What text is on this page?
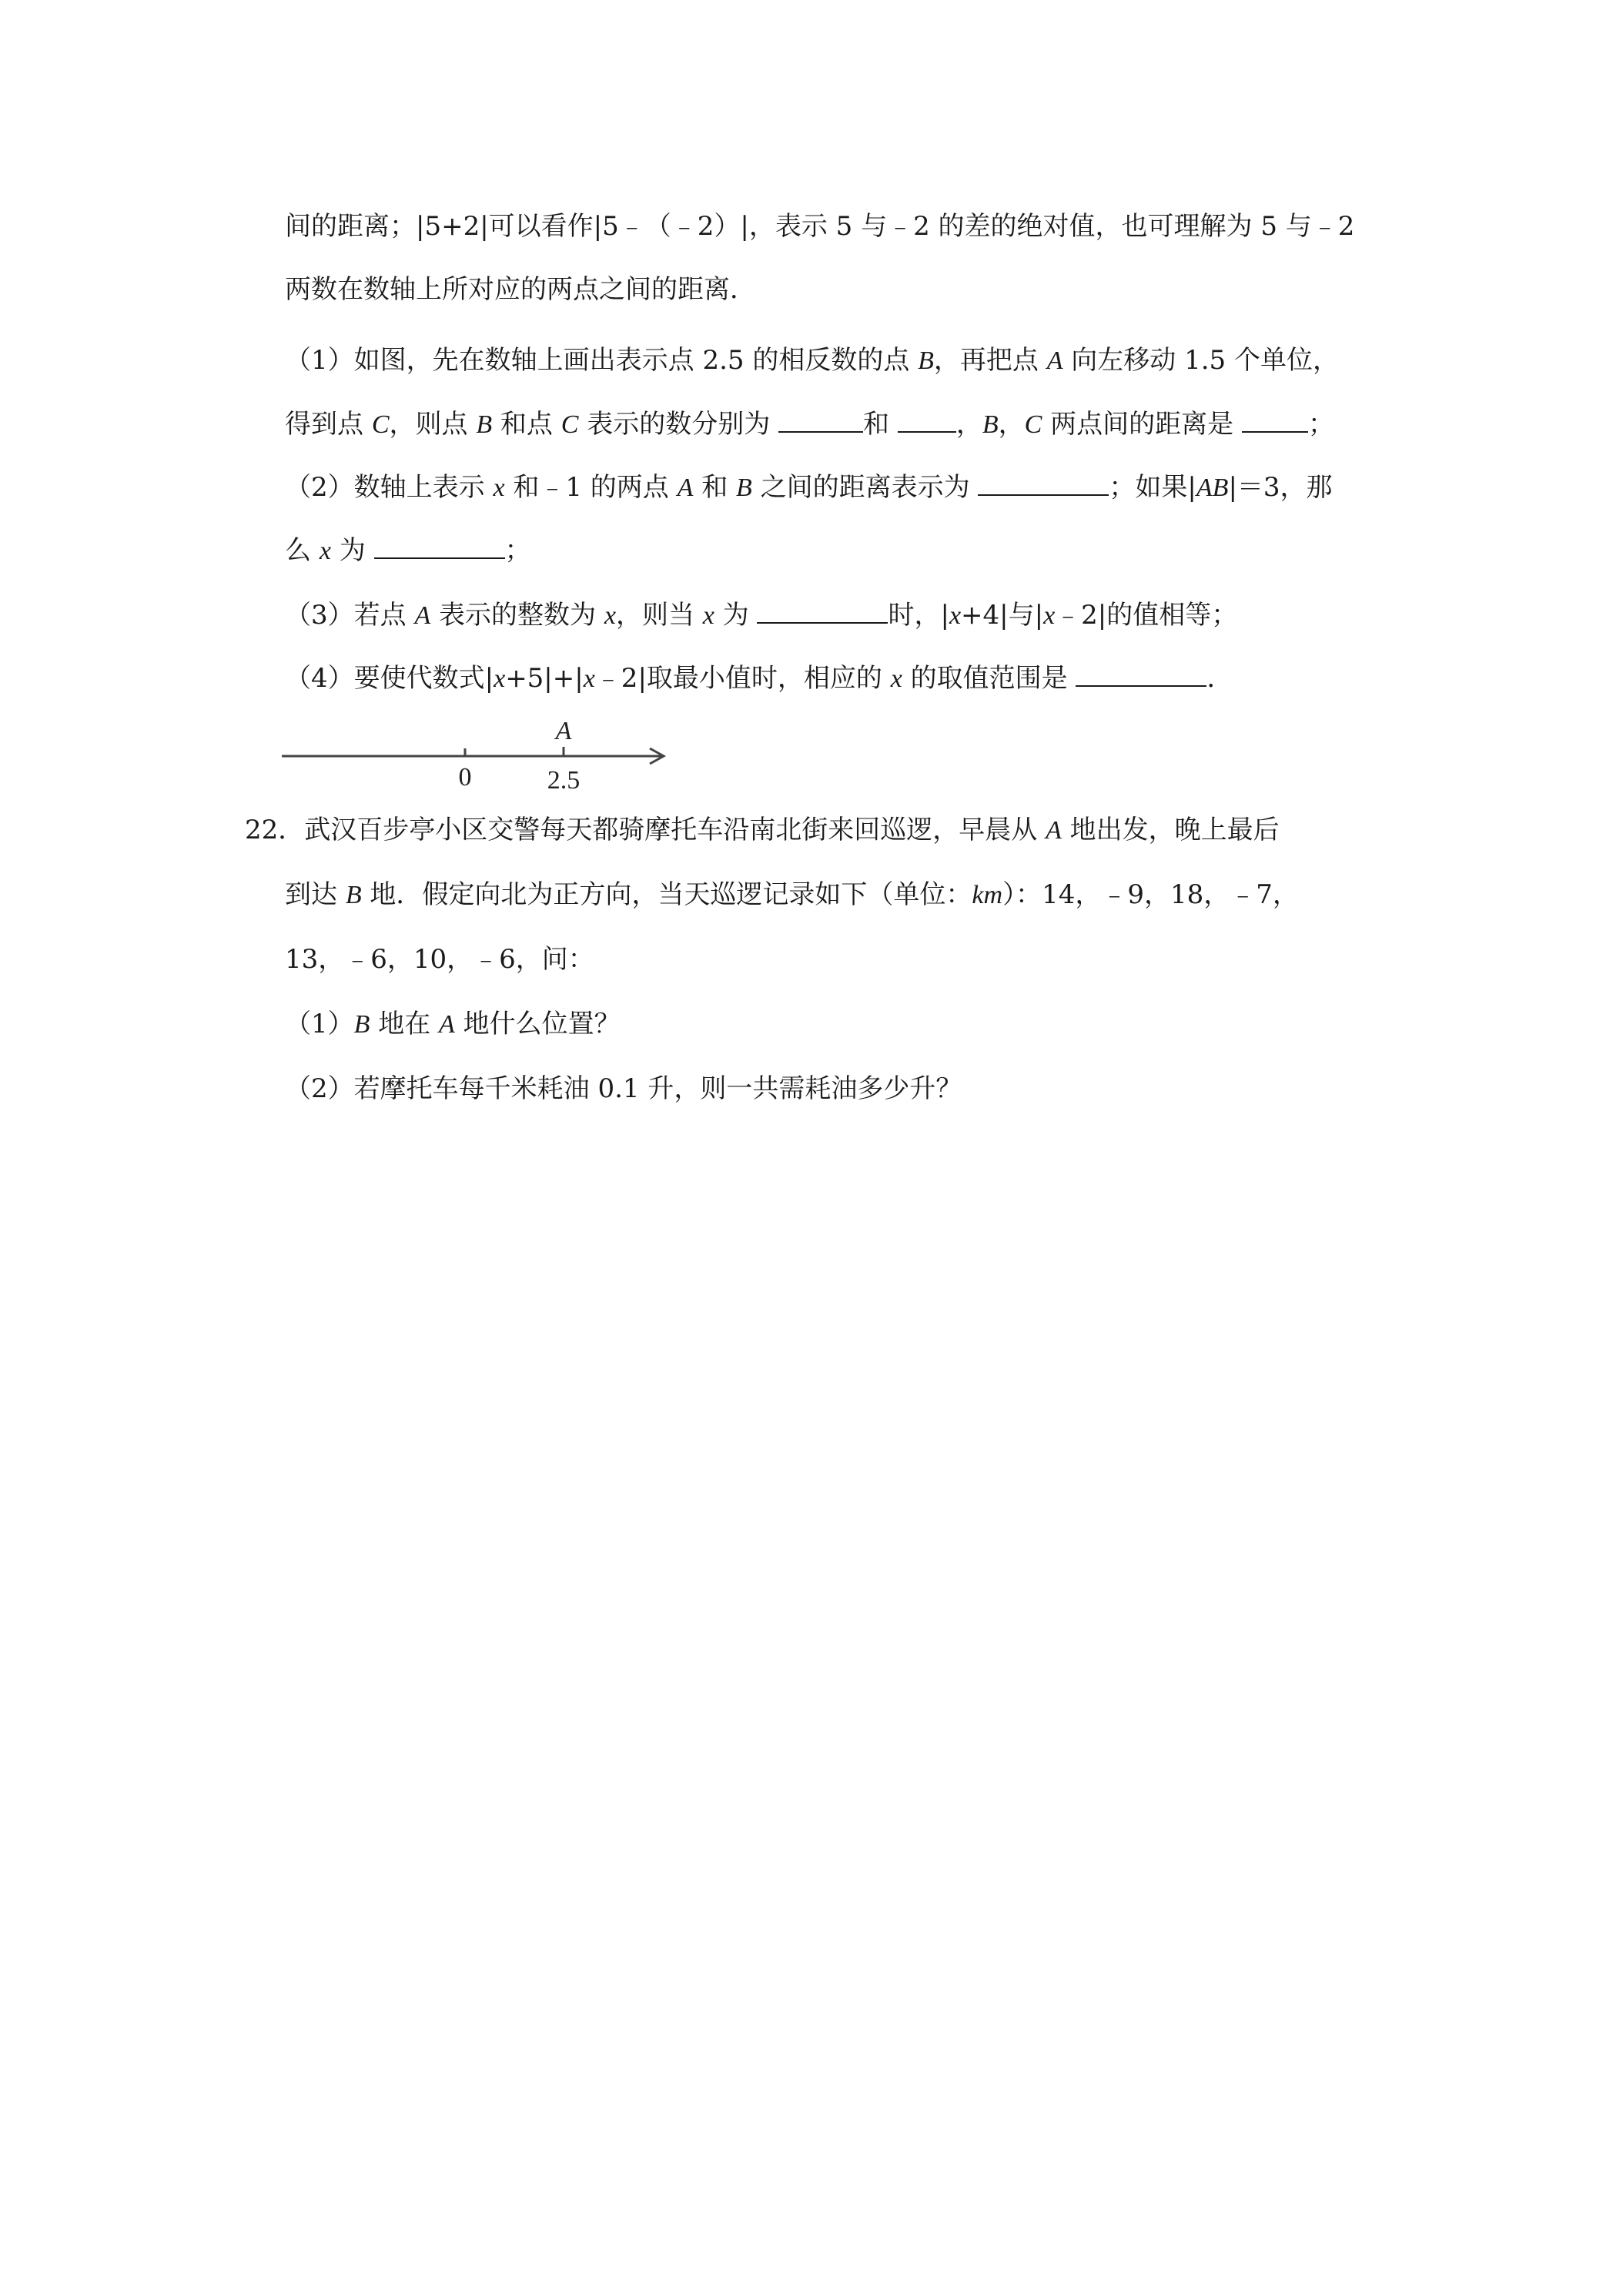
间的距离；|5+2|可以看作|5﹣（﹣2）|，表示 5 与﹣2 的差的绝对值，也可理解为 5 与﹣2
两数在数轴上所对应的两点之间的距离．
（1）如图，先在数轴上画出表示点 2.5 的相反数的点 B，再把点 A 向左移动 1.5 个单位，
得到点 C，则点 B 和点 C 表示的数分别为	和 ，B，C 两点间的距离是	；
（2）数轴上表示 x 和﹣1 的两点 A 和 B 之间的距离表示为	；如果|AB|＝3，那
么 x 为	；
（3）若点 A 表示的整数为 x，则当 x 为	时，|x+4|与|x﹣2|的值相等；
（4）要使代数式|x+5|+|x﹣2|取最小值时，相应的 x 的取值范围是	．
A
0	2.5
22．武汉百步亭小区交警每天都骑摩托车沿南北街来回巡逻，早晨从 A 地出发，晚上最后
到达 B 地．假定向北为正方向，当天巡逻记录如下（单位：km）：14，﹣9，18，﹣7，
13，﹣6，10，﹣6，问：
（1）B 地在 A 地什么位置？
（2）若摩托车每千米耗油 0.1 升，则一共需耗油多少升？
